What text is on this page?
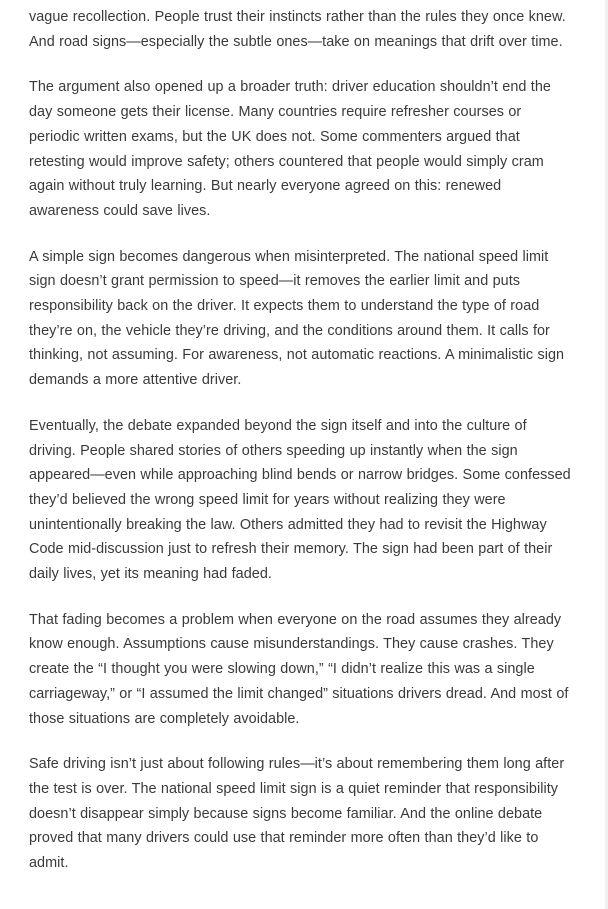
vague recollection. People trust their instincts rather than the rules they once knew. And road signs—especially the subtle ones—take on meanings that drift over time.

The argument also opened up a broader truth: driver education shouldn’t end the day someone gets their license. Many countries require refresher courses or periodic written exams, but the UK does not. Some commenters argued that retesting would improve safety; others countered that people would simply cram again without truly learning. But nearly everyone agreed on this: renewed awareness could save lives.

A simple sign becomes dangerous when misinterpreted. The national speed limit sign doesn’t grant permission to speed—it removes the earlier limit and puts responsibility back on the driver. It expects them to understand the type of road they’re on, the vehicle they’re driving, and the conditions around them. It calls for thinking, not assuming. For awareness, not automatic reactions. A minimalistic sign demands a more attentive driver.

Eventually, the debate expanded beyond the sign itself and into the culture of driving. People shared stories of others speeding up instantly when the sign appeared—even while approaching blind bends or narrow bridges. Some confessed they’d believed the wrong speed limit for years without realizing they were unintentionally breaking the law. Others admitted they had to revisit the Highway Code mid-discussion just to refresh their memory. The sign had been part of their daily lives, yet its meaning had faded.

That fading becomes a problem when everyone on the road assumes they already know enough. Assumptions cause misunderstandings. They cause crashes. They create the “I thought you were slowing down,” “I didn’t realize this was a single carriageway,” or “I assumed the limit changed” situations drivers dread. And most of those situations are completely avoidable.

Safe driving isn’t just about following rules—it’s about remembering them long after the test is over. The national speed limit sign is a quiet reminder that responsibility doesn’t disappear simply because signs become familiar. And the online debate proved that many drivers could use that reminder more often than they’d like to admit.
